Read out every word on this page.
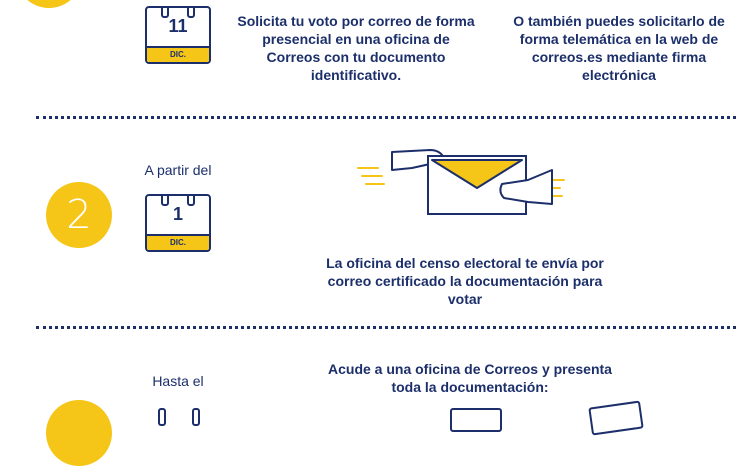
11
DIC.
Solicita tu voto por correo de forma presencial en una oficina de Correos con tu documento identificativo.
O también puedes solicitarlo de forma telemática en la web de correos.es mediante firma electrónica
A partir del
2	1
DIC.
La oficina del censo electoral te envía por correo certificado la documentación para votar
Hasta el
Acude a una oficina de Correos y presenta toda la documentación:
